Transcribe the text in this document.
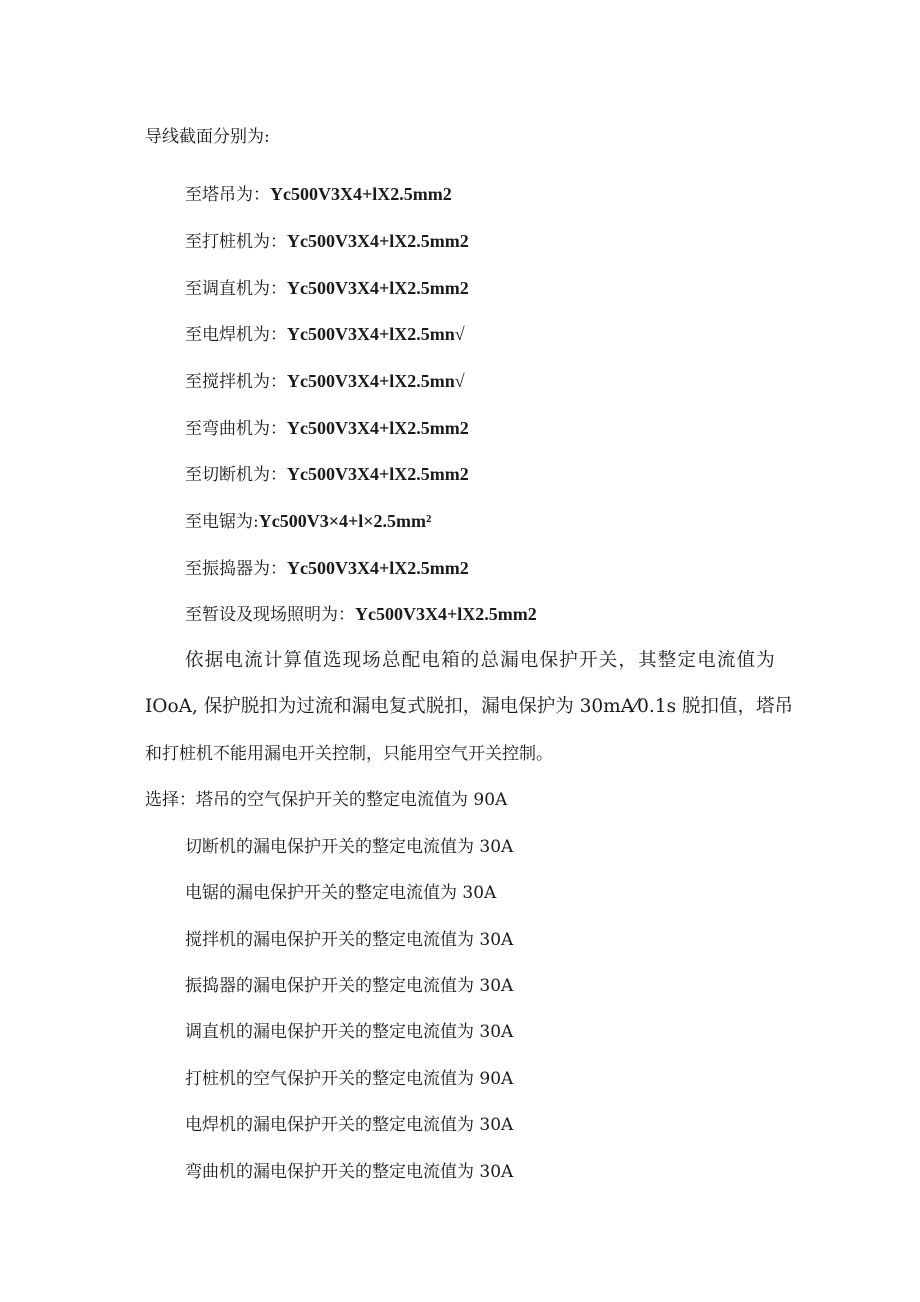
导线截面分别为:
至塔吊为：Yc500V3X4+lX2.5mm2
至打桩机为：Yc500V3X4+lX2.5mm2
至调直机为：Yc500V3X4+lX2.5mm2
至电焊机为：Yc500V3X4+lX2.5mn√
至搅拌机为：Yc500V3X4+lX2.5mn√
至弯曲机为：Yc500V3X4+lX2.5mm2
至切断机为：Yc500V3X4+lX2.5mm2
至电锯为:Yc500V3×4+l×2.5mm²
至振捣器为：Yc500V3X4+lX2.5mm2
至暂设及现场照明为：Yc500V3X4+lX2.5mm2
依据电流计算值选现场总配电箱的总漏电保护开关，其整定电流值为
IOoA, 保护脱扣为过流和漏电复式脱扣，漏电保护为 30mA⁄0.1s 脱扣值，塔吊
和打桩机不能用漏电开关控制，只能用空气开关控制。
选择：塔吊的空气保护开关的整定电流值为 90A
切断机的漏电保护开关的整定电流值为 30A
电锯的漏电保护开关的整定电流值为 30A
搅拌机的漏电保护开关的整定电流值为 30A
振捣器的漏电保护开关的整定电流值为 30A
调直机的漏电保护开关的整定电流值为 30A
打桩机的空气保护开关的整定电流值为 90A
电焊机的漏电保护开关的整定电流值为 30A
弯曲机的漏电保护开关的整定电流值为 30A
